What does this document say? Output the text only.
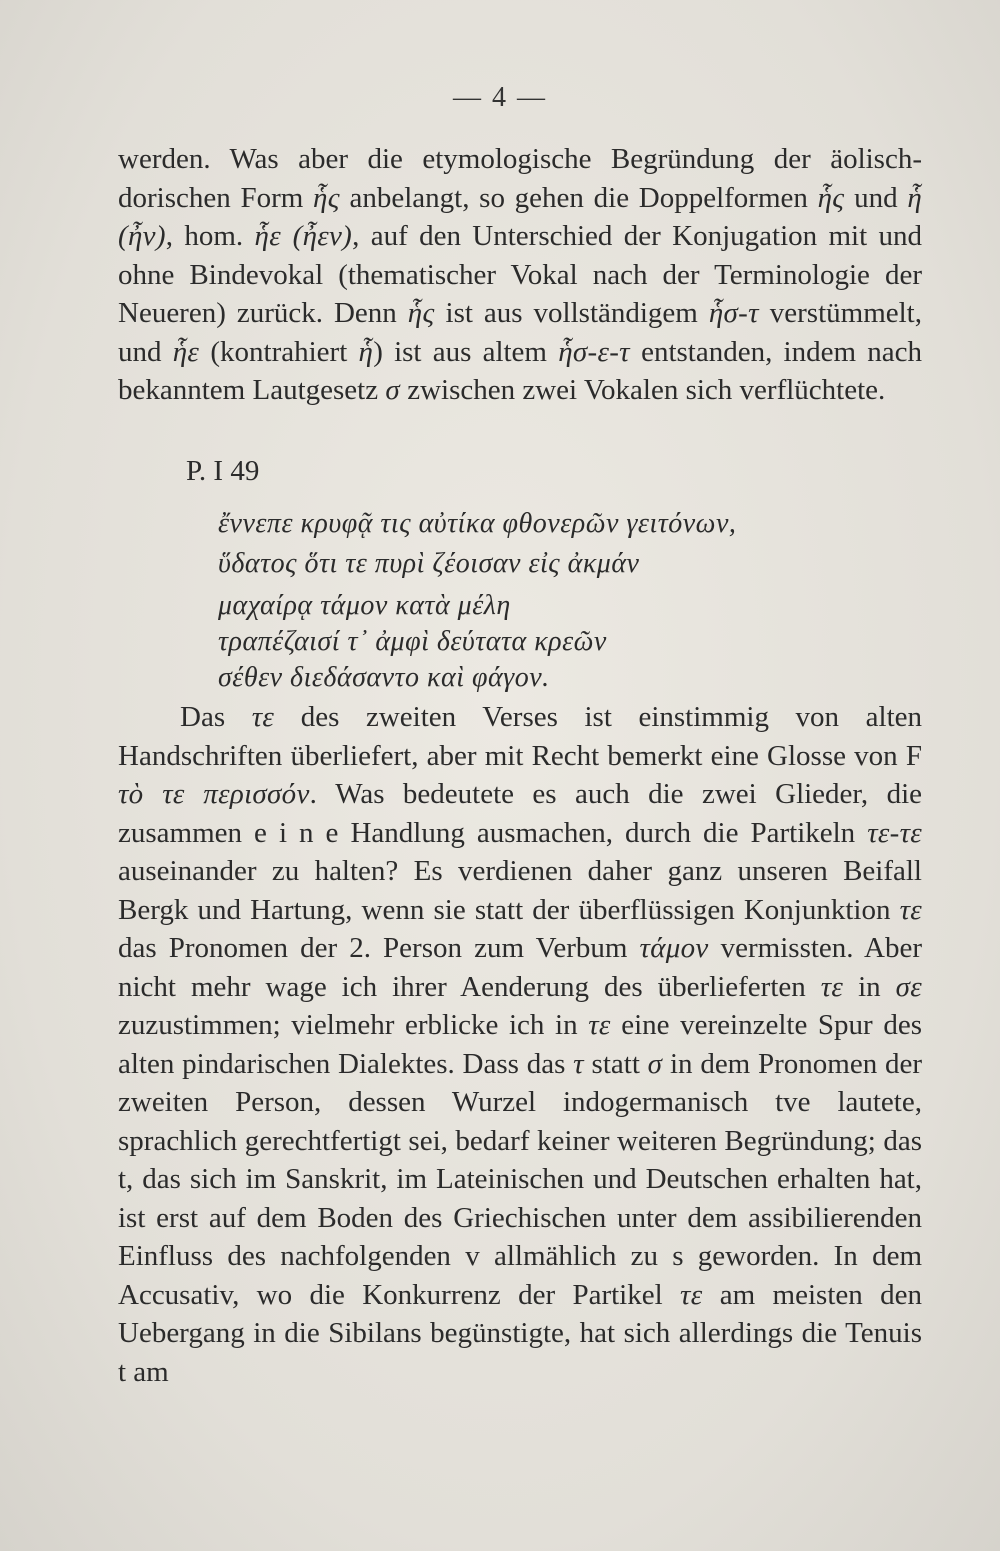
— 4 —

werden. Was aber die etymologische Begründung der äolisch-dorischen Form ἧς anbelangt, so gehen die Doppelformen ἧς und ἧ (ἦν), hom. ἧε (ἦεν), auf den Unterschied der Konjugation mit und ohne Bindevokal (thematischer Vokal nach der Terminologie der Neueren) zurück. Denn ἧς ist aus vollständigem ἧσ-τ verstümmelt, und ἧε (kontrahiert ἧ) ist aus altem ἧσ-ε-τ entstanden, indem nach bekanntem Lautgesetz σ zwischen zwei Vokalen sich verflüchtete.

P. I 49
ἔννεπε κρυφᾷ τις αὐτίκα φθονερῶν γειτόνων,
ὕδατος ὅτι τε πυρὶ ζέοισαν εἰς ἀκμάν
μαχαίρᾳ τάμον κατὰ μέλη
τραπέζαισί τ᾽ ἀμφὶ δεύτατα κρεῶν
σέθεν διεδάσαντο καὶ φάγον.

Das τε des zweiten Verses ist einstimmig von alten Handschriften überliefert, aber mit Recht bemerkt eine Glosse von F τὸ τε περισσόν. Was bedeutete es auch die zwei Glieder, die zusammen e i n e Handlung ausmachen, durch die Partikeln τε-τε auseinander zu halten? Es verdienen daher ganz unseren Beifall Bergk und Hartung, wenn sie statt der überflüssigen Konjunktion τε das Pronomen der 2. Person zum Verbum τάμον vermissten. Aber nicht mehr wage ich ihrer Aenderung des überlieferten τε in σε zuzustimmen; vielmehr erblicke ich in τε eine vereinzelte Spur des alten pindarischen Dialektes. Dass das τ statt σ in dem Pronomen der zweiten Person, dessen Wurzel indogermanisch tve lautete, sprachlich gerechtfertigt sei, bedarf keiner weiteren Begründung; das t, das sich im Sanskrit, im Lateinischen und Deutschen erhalten hat, ist erst auf dem Boden des Griechischen unter dem assibilierenden Einfluss des nachfolgenden v allmählich zu s geworden. In dem Accusativ, wo die Konkurrenz der Partikel τε am meisten den Uebergang in die Sibilans begünstigte, hat sich allerdings die Tenuis t am
